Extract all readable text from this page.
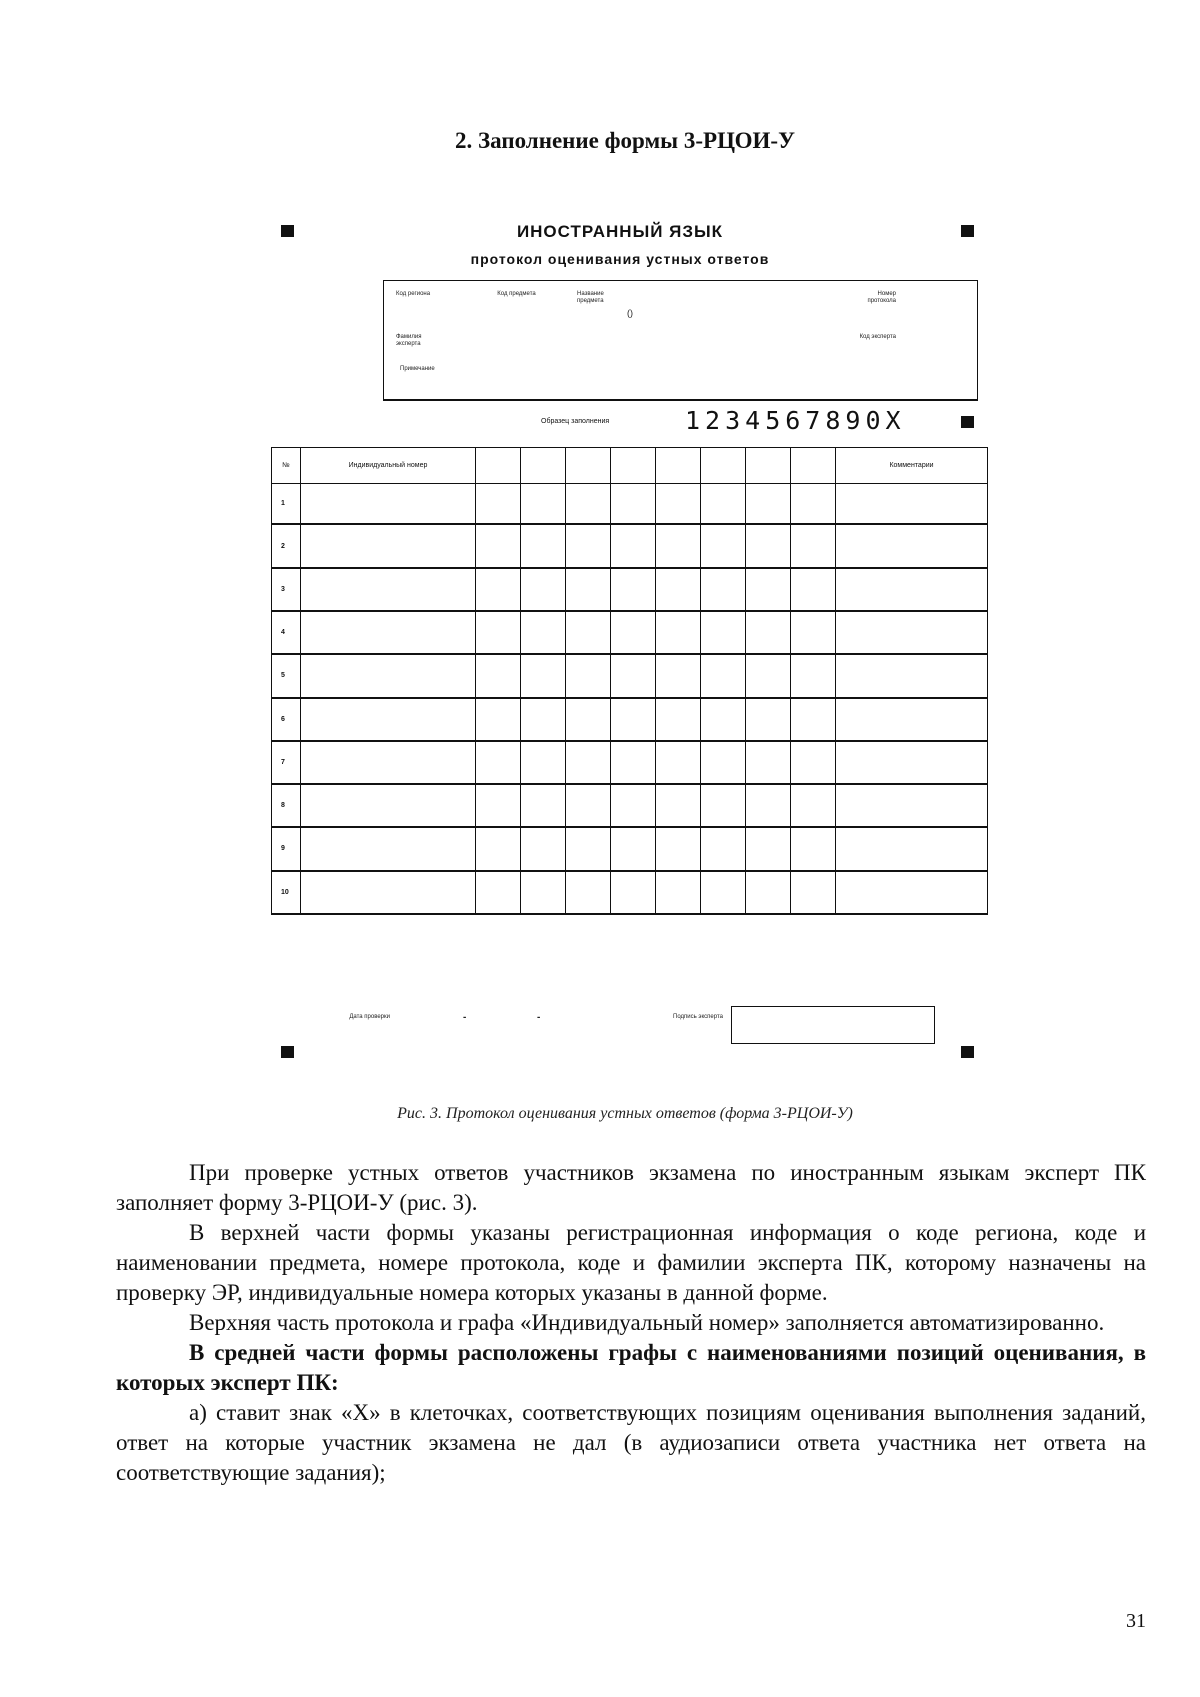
2. Заполнение формы 3-РЦОИ-У
ИНОСТРАННЫЙ ЯЗЫК
протокол оценивания устных ответов
Код региона	Код предмета	Название предмета
()
Номер протокола
Фамилия эксперта
Код эксперта
Примечание
Образец заполнения	1234567890X
№	Индивидуальный номер									Комментарии
1										
2										
3										
4										
5										
6										
7										
8										
9										
10										
Дата проверки	-	-	Подпись эксперта
Рис. 3. Протокол оценивания устных ответов (форма 3-РЦОИ-У)

При проверке устных ответов участников экзамена по иностранным языкам эксперт ПК заполняет форму 3-РЦОИ-У (рис. 3).

В верхней части формы указаны регистрационная информация о коде региона, коде и наименовании предмета, номере протокола, коде и фамилии эксперта ПК, которому назначены на проверку ЭР, индивидуальные номера которых указаны в данной форме.

Верхняя часть протокола и графа «Индивидуальный номер» заполняется автоматизированно.

В средней части формы расположены графы с наименованиями позиций оценивания, в которых эксперт ПК:

а) ставит знак «Х» в клеточках, соответствующих позициям оценивания выполнения заданий, ответ на которые участник экзамена не дал (в аудиозаписи ответа участника нет ответа на соответствующие задания);

31
